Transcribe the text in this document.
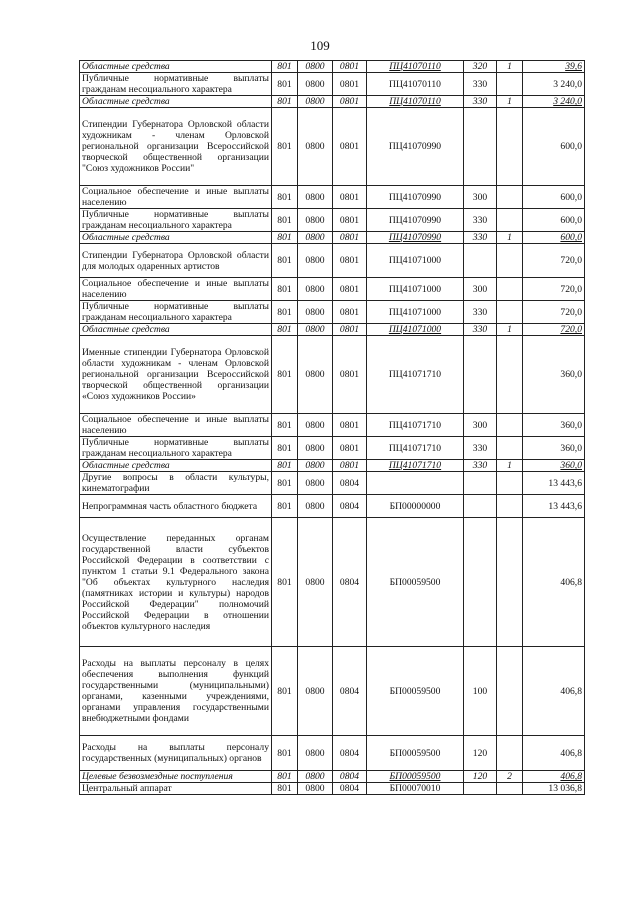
109
Областные средства	801	0800	0801	ПЦ41070110	320	1	39,6
Публичные нормативные выплаты гражданам несоциального характера	801	0800	0801	ПЦ41070110	330		3 240,0
Областные средства	801	0800	0801	ПЦ41070110	330	1	3 240,0
Стипендии Губернатора Орловской области художникам - членам Орловской региональной организации Всероссийской творческой общественной организации "Союз художников России"	801	0800	0801	ПЦ41070990			600,0
Социальное обеспечение и иные выплаты населению	801	0800	0801	ПЦ41070990	300		600,0
Публичные нормативные выплаты гражданам несоциального характера	801	0800	0801	ПЦ41070990	330		600,0
Областные средства	801	0800	0801	ПЦ41070990	330	1	600,0
Стипендии Губернатора Орловской области для молодых одаренных артистов	801	0800	0801	ПЦ41071000			720,0
Социальное обеспечение и иные выплаты населению	801	0800	0801	ПЦ41071000	300		720,0
Публичные нормативные выплаты гражданам несоциального характера	801	0800	0801	ПЦ41071000	330		720,0
Областные средства	801	0800	0801	ПЦ41071000	330	1	720,0
Именные стипендии Губернатора Орловской области художникам - членам Орловской региональной организации Всероссийской творческой общественной организации «Союз художников России»	801	0800	0801	ПЦ41071710			360,0
Социальное обеспечение и иные выплаты населению	801	0800	0801	ПЦ41071710	300		360,0
Публичные нормативные выплаты гражданам несоциального характера	801	0800	0801	ПЦ41071710	330		360,0
Областные средства	801	0800	0801	ПЦ41071710	330	1	360,0
Другие вопросы в области культуры, кинематографии	801	0800	0804				13 443,6
Непрограммная часть областного бюджета	801	0800	0804	БП00000000			13 443,6
Осуществление переданных органам государственной власти субъектов Российской Федерации в соответствии с пунктом 1 статьи 9.1 Федерального закона "Об объектах культурного наследия (памятниках истории и культуры) народов Российской Федерации" полномочий Российской Федерации в отношении объектов культурного наследия	801	0800	0804	БП00059500			406,8
Расходы на выплаты персоналу в целях обеспечения выполнения функций государственными (муниципальными) органами, казенными учреждениями, органами управления государственными внебюджетными фондами	801	0800	0804	БП00059500	100		406,8
Расходы на выплаты персоналу государственных (муниципальных) органов	801	0800	0804	БП00059500	120		406,8
Целевые безвозмездные поступления	801	0800	0804	БП00059500	120	2	406,8
Центральный аппарат	801	0800	0804	БП00070010			13 036,8
